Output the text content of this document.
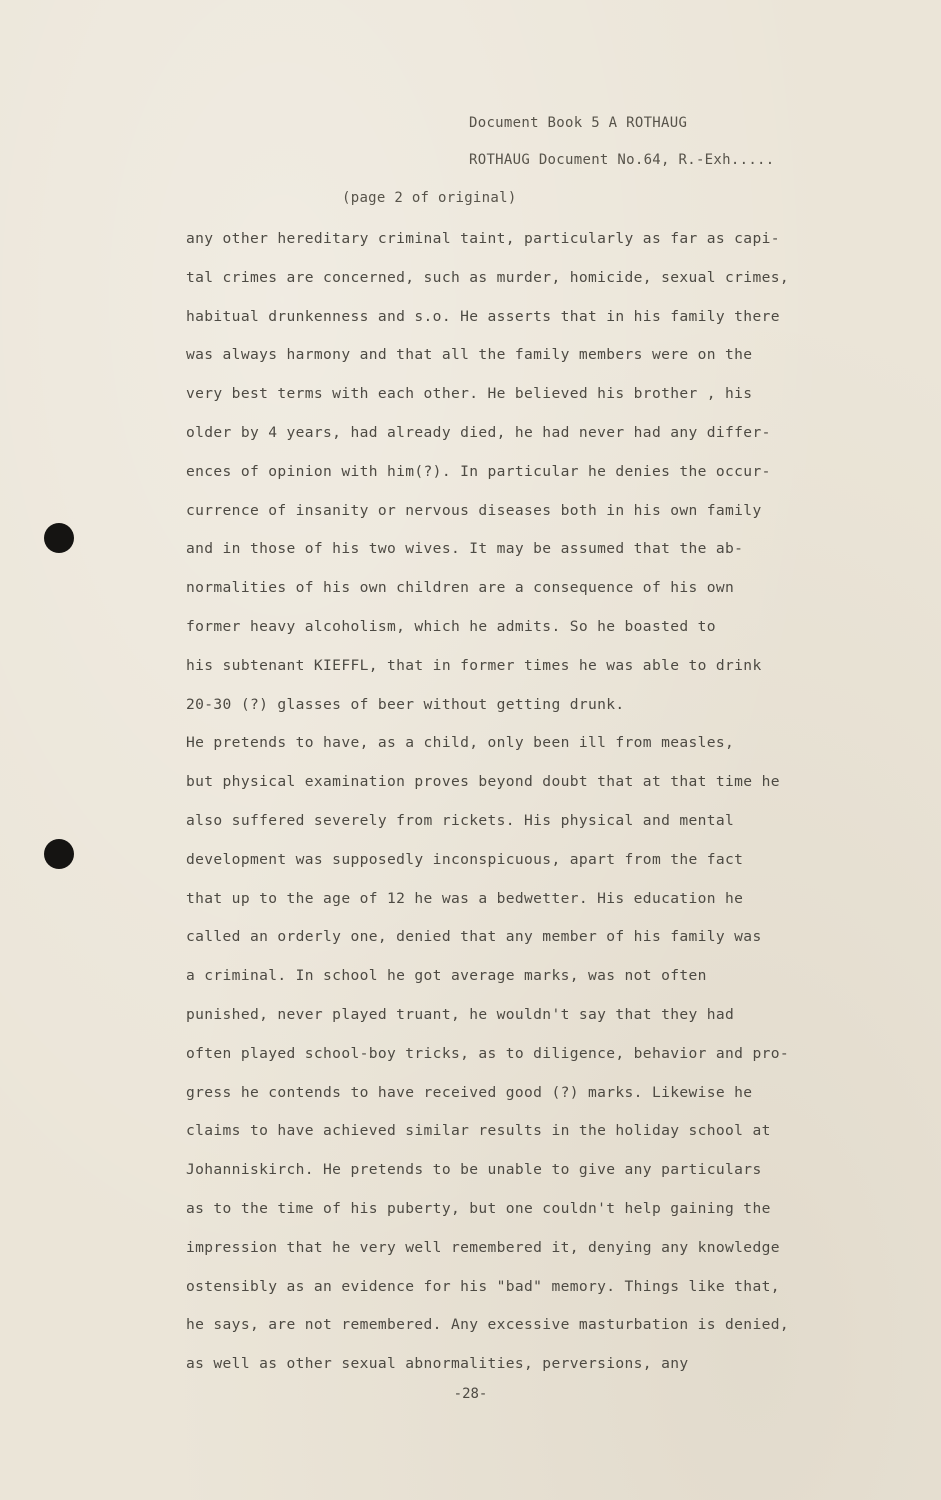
Document Book 5 A ROTHAUG
ROTHAUG Document No.64, R.-Exh.....
(page 2 of original)
any other hereditary criminal taint, particularly as far as capi-
tal crimes are concerned, such as murder, homicide, sexual crimes,
habitual drunkenness and s.o. He asserts that in his family there
was always harmony and that all the family members were on the
very best terms with each other. He believed his brother , his
older by 4 years, had already died, he had never had any differ-
ences of opinion with him(?). In particular he denies the occur-
currence of insanity or nervous diseases both in his own family
and in those of his two wives. It may be assumed that the ab-
normalities of his own children are a consequence of his own
former heavy alcoholism, which he admits. So he boasted to
his subtenant KIEFFL, that in former times he was able to drink
20-30 (?) glasses of beer without getting drunk.
He pretends to have, as a child, only been ill from measles,
but physical examination proves beyond doubt that at that time he
also suffered severely from rickets. His physical and mental
development was supposedly inconspicuous, apart from the fact
that up to the age of 12 he was a bedwetter. His education he
called an orderly one, denied that any member of his family was
a criminal. In school he got average marks, was not often
punished, never played truant, he wouldn't say that they had
often played school-boy tricks, as to diligence, behavior and pro-
gress he contends to have received good (?) marks. Likewise he
claims to have achieved similar results in the holiday school at
Johanniskirch. He pretends to be unable to give any particulars
as to the time of his puberty, but one couldn't help gaining the
impression that he very well remembered it, denying any knowledge
ostensibly as an evidence for his "bad" memory. Things like that,
he says, are not remembered. Any excessive masturbation is denied,
as well as other sexual abnormalities, perversions, any
-28-
